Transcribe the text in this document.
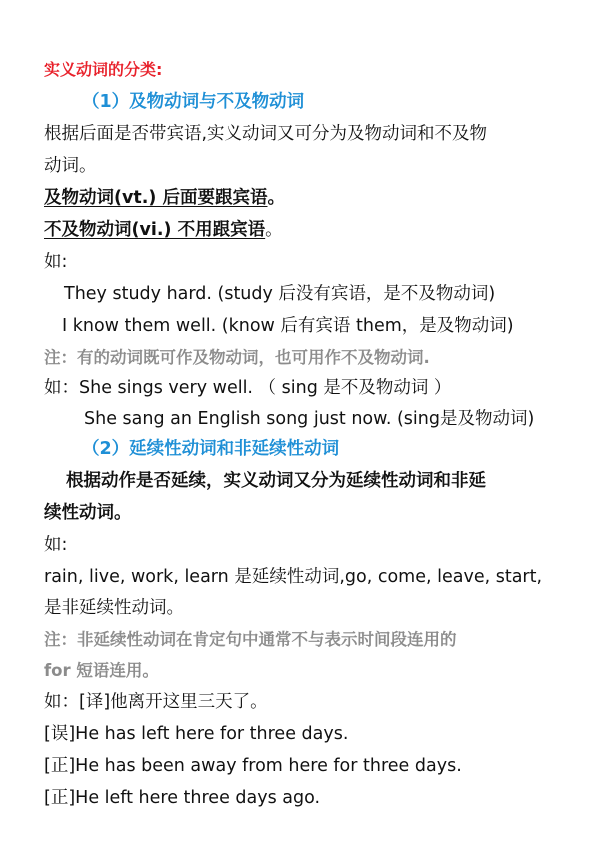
实义动词的分类:
（1）及物动词与不及物动词
根据后面是否带宾语,实义动词又可分为及物动词和不及物
动词。
及物动词(vt.) 后面要跟宾语。
不及物动词(vi.) 不用跟宾语。
如:
They study hard. (study 后没有宾语，是不及物动词)
I know them well. (know 后有宾语 them，是及物动词)
注：有的动词既可作及物动词，也可用作不及物动词.
如：She sings very well. （ sing 是不及物动词 ）
She sang an English song just now. (sing是及物动词)
（2）延续性动词和非延续性动词
根据动作是否延续，实义动词又分为延续性动词和非延
续性动词。
如:
rain, live, work, learn 是延续性动词,go, come, leave, start,
是非延续性动词。
注：非延续性动词在肯定句中通常不与表示时间段连用的
for 短语连用。
如：[译]他离开这里三天了。
[误]He has left here for three days.
[正]He has been away from here for three days.
[正]He left here three days ago.
